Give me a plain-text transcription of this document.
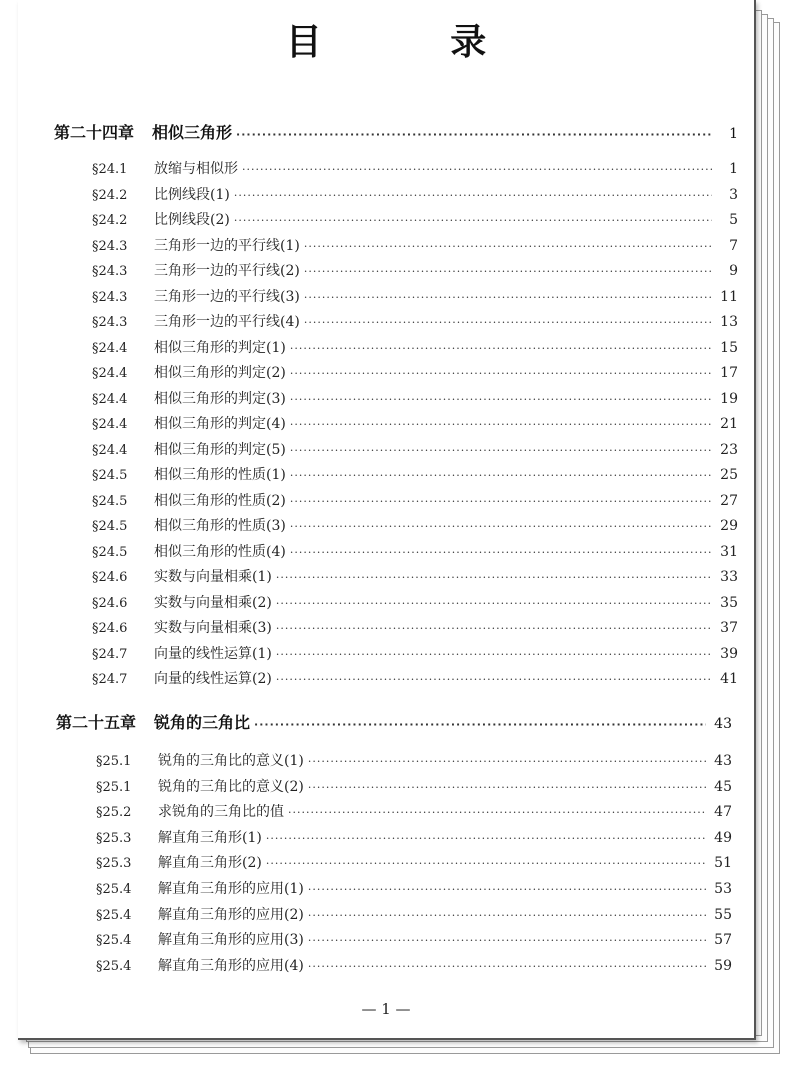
目 录
第二十四章 相似三角形 ·····	1
§24.1	放缩与相似形 ·····	1
§24.2	比例线段(1) ·····	3
§24.2	比例线段(2) ·····	5
§24.3	三角形一边的平行线(1) ·····	7
§24.3	三角形一边的平行线(2) ·····	9
§24.3	三角形一边的平行线(3) ·····	11
§24.3	三角形一边的平行线(4) ·····	13
§24.4	相似三角形的判定(1) ·····	15
§24.4	相似三角形的判定(2) ·····	17
§24.4	相似三角形的判定(3) ·····	19
§24.4	相似三角形的判定(4) ·····	21
§24.4	相似三角形的判定(5) ·····	23
§24.5	相似三角形的性质(1) ·····	25
§24.5	相似三角形的性质(2) ·····	27
§24.5	相似三角形的性质(3) ·····	29
§24.5	相似三角形的性质(4) ·····	31
§24.6	实数与向量相乘(1) ·····	33
§24.6	实数与向量相乘(2) ·····	35
§24.6	实数与向量相乘(3) ·····	37
§24.7	向量的线性运算(1) ·····	39
§24.7	向量的线性运算(2) ·····	41
第二十五章 锐角的三角比 ·····	43
§25.1	锐角的三角比的意义(1) ·····	43
§25.1	锐角的三角比的意义(2) ·····	45
§25.2	求锐角的三角比的值 ·····	47
§25.3	解直角三角形(1) ·····	49
§25.3	解直角三角形(2) ·····	51
§25.4	解直角三角形的应用(1) ·····	53
§25.4	解直角三角形的应用(2) ·····	55
§25.4	解直角三角形的应用(3) ·····	57
§25.4	解直角三角形的应用(4) ·····	59
— 1 —
